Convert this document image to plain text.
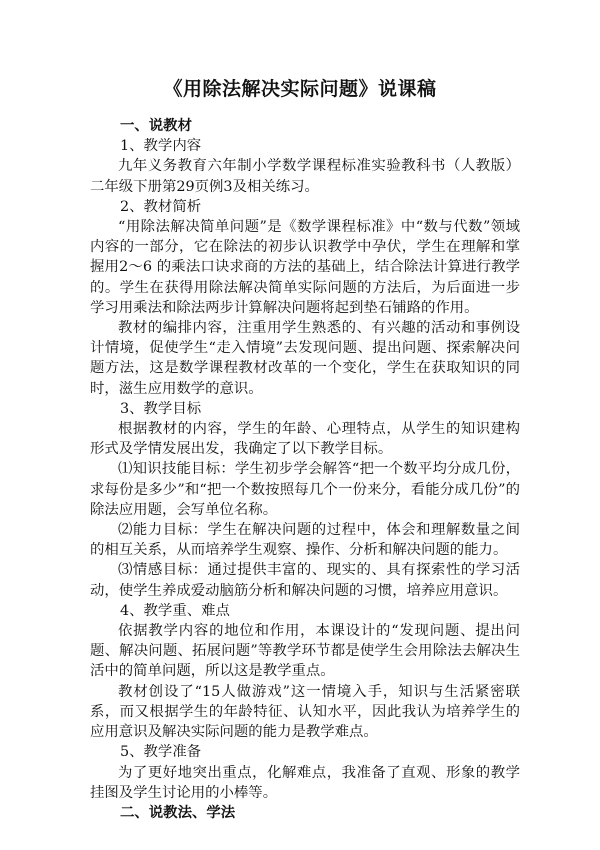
《用除法解决实际问题》说课稿

一、说教材

1、教学内容

九年义务教育六年制小学数学课程标准实验教科书（人教版）二年级下册第29页例3及相关练习。

2、教材简析

“用除法解决简单问题”是《数学课程标准》中“数与代数”领域内容的一部分，它在除法的初步认识教学中孕伏，学生在理解和掌握用2～6 的乘法口诀求商的方法的基础上，结合除法计算进行教学的。学生在获得用除法解决简单实际问题的方法后，为后面进一步学习用乘法和除法两步计算解决问题将起到垫石铺路的作用。

教材的编排内容，注重用学生熟悉的、有兴趣的活动和事例设计情境，促使学生“走入情境”去发现问题、提出问题、探索解决问题方法，这是数学课程教材改革的一个变化，学生在获取知识的同时，滋生应用数学的意识。

3、教学目标

根据教材的内容，学生的年龄、心理特点，从学生的知识建构形式及学情发展出发，我确定了以下教学目标。

⑴知识技能目标：学生初步学会解答“把一个数平均分成几份，求每份是多少”和“把一个数按照每几个一份来分，看能分成几份”的除法应用题，会写单位名称。

⑵能力目标：学生在解决问题的过程中，体会和理解数量之间的相互关系，从而培养学生观察、操作、分析和解决问题的能力。

⑶情感目标：通过提供丰富的、现实的、具有探索性的学习活动，使学生养成爱动脑筋分析和解决问题的习惯，培养应用意识。

4、教学重、难点

依据教学内容的地位和作用，本课设计的“发现问题、提出问题、解决问题、拓展问题”等教学环节都是使学生会用除法去解决生活中的简单问题，所以这是教学重点。

教材创设了“15人做游戏”这一情境入手，知识与生活紧密联系，而又根据学生的年龄特征、认知水平，因此我认为培养学生的应用意识及解决实际问题的能力是教学难点。

5、教学准备

为了更好地突出重点，化解难点，我准备了直观、形象的教学挂图及学生讨论用的小棒等。

二、说教法、学法
